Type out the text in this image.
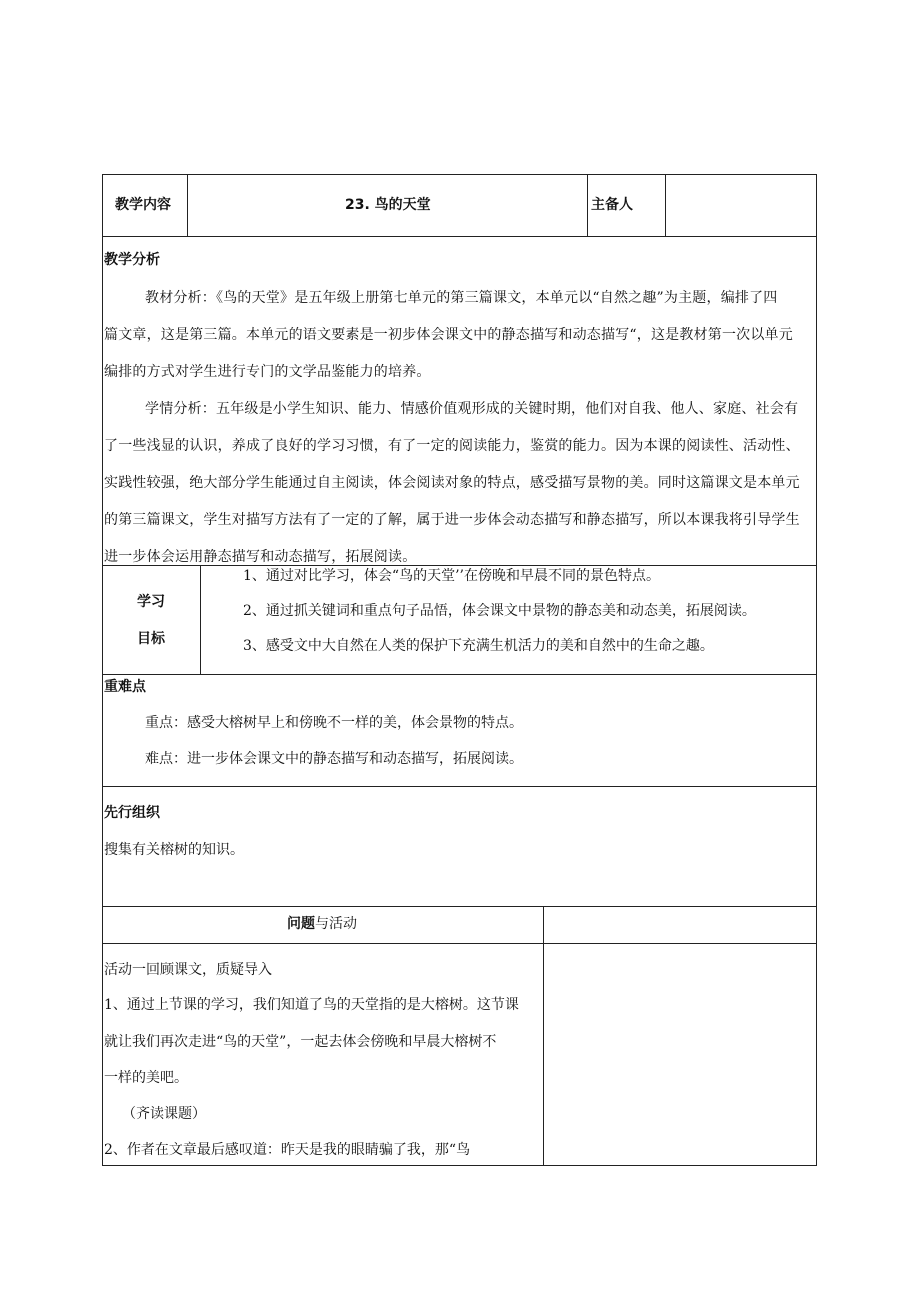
教学内容	23. 鸟的天堂	主备人
教学分析
教材分析：《鸟的天堂》是五年级上册第七单元的第三篇课文，本单元以“自然之趣”为主题，编排了四
篇文章，这是第三篇。本单元的语文要素是一初步体会课文中的静态描写和动态描写“，这是教材第一次以单元
编排的方式对学生进行专门的文学品鉴能力的培养。
学情分析：五年级是小学生知识、能力、情感价值观形成的关键时期，他们对自我、他人、家庭、社会有
了一些浅显的认识，养成了良好的学习习惯，有了一定的阅读能力，鉴赏的能力。因为本课的阅读性、活动性、
实践性较强，绝大部分学生能通过自主阅读，体会阅读对象的特点，感受描写景物的美。同时这篇课文是本单元
的第三篇课文，学生对描写方法有了一定的了解，属于进一步体会动态描写和静态描写，所以本课我将引导学生
进一步体会运用静态描写和动态描写，拓展阅读。
学习
目标
1、通过对比学习，体会“鸟的天堂’’在傍晚和早晨不同的景色特点。
2、通过抓关键词和重点句子品悟，体会课文中景物的静态美和动态美，拓展阅读。
3、感受文中大自然在人类的保护下充满生机活力的美和自然中的生命之趣。
重难点
重点：感受大榕树早上和傍晚不一样的美，体会景物的特点。
难点：进一步体会课文中的静态描写和动态描写，拓展阅读。
先行组织
搜集有关榕树的知识。
问题与活动
活动一回顾课文，质疑导入
1、通过上节课的学习，我们知道了鸟的天堂指的是大榕树。这节课
就让我们再次走进“鸟的天堂”，一起去体会傍晚和早晨大榕树不
一样的美吧。
（齐读课题）
2、作者在文章最后感叹道：昨天是我的眼睛骗了我，那“鸟
